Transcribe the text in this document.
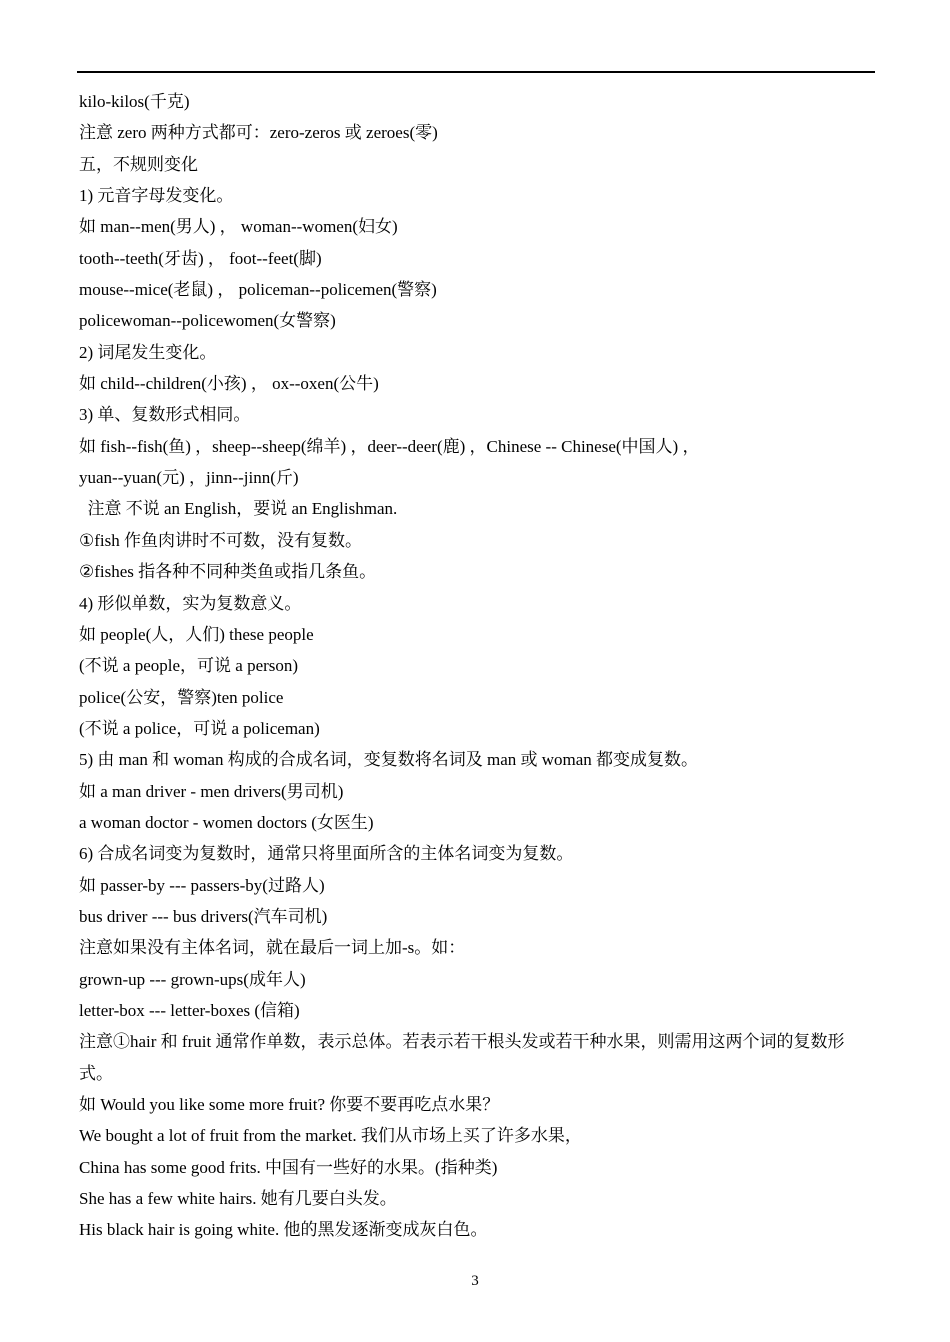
kilo-kilos(千克)
注意 zero 两种方式都可：zero-zeros 或 zeroes(零)
五，不规则变化
1) 元音字母发变化。
如 man--men(男人) ， woman--women(妇女)
tooth--teeth(牙齿) ， foot--feet(脚)
mouse--mice(老鼠) ， policeman--policemen(警察)
policewoman--policewomen(女警察)
2) 词尾发生变化。
如 child--children(小孩) ， ox--oxen(公牛)
3) 单、复数形式相同。
如 fish--fish(鱼) ，sheep--sheep(绵羊) ，deer--deer(鹿) ，Chinese -- Chinese(中国人) ，
yuan--yuan(元) ，jinn--jinn(斤)
注意 不说 an English，要说 an Englishman.
①fish 作鱼肉讲时不可数，没有复数。
②fishes 指各种不同种类鱼或指几条鱼。
4) 形似单数，实为复数意义。
如 people(人，人们) these people
(不说 a people，可说 a person)
police(公安，警察)ten police
(不说 a police，可说 a policeman)
5) 由 man 和 woman 构成的合成名词，变复数将名词及 man 或 woman 都变成复数。
如 a man driver - men drivers(男司机)
a woman doctor - women doctors (女医生)
6) 合成名词变为复数时，通常只将里面所含的主体名词变为复数。
如 passer-by --- passers-by(过路人)
bus driver --- bus drivers(汽车司机)
注意如果没有主体名词，就在最后一词上加-s。如：
grown-up --- grown-ups(成年人)
letter-box --- letter-boxes (信箱)
注意①hair 和 fruit 通常作单数，表示总体。若表示若干根头发或若干种水果，则需用这两个词的复数形式。
如 Would you like some more fruit? 你要不要再吃点水果？
We bought a lot of fruit from the market. 我们从市场上买了许多水果，
China has some good frits. 中国有一些好的水果。(指种类)
She has a few white hairs. 她有几要白头发。
His black hair is going white. 他的黑发逐渐变成灰白色。
3
